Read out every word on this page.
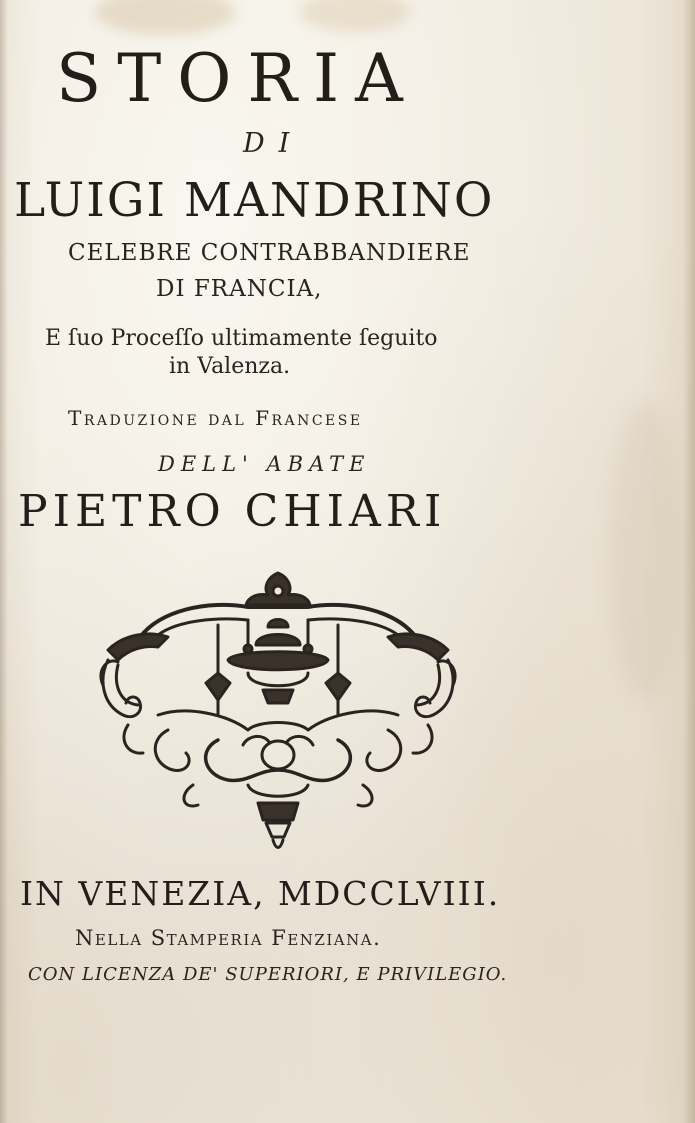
STORIA
DI
LUIGI MANDRINO
CELEBRE CONTRABBANDIERE
DI FRANCIA,
E ſuo Proceſſo ultimamente ſeguito
in Valenza.
Traduzione dal Francese
DELL' ABATE
PIETRO CHIARI
IN VENEZIA, MDCCLVIII.
Nella Stamperia Fenziana.
CON LICENZA DE' SUPERIORI, E PRIVILEGIO.
